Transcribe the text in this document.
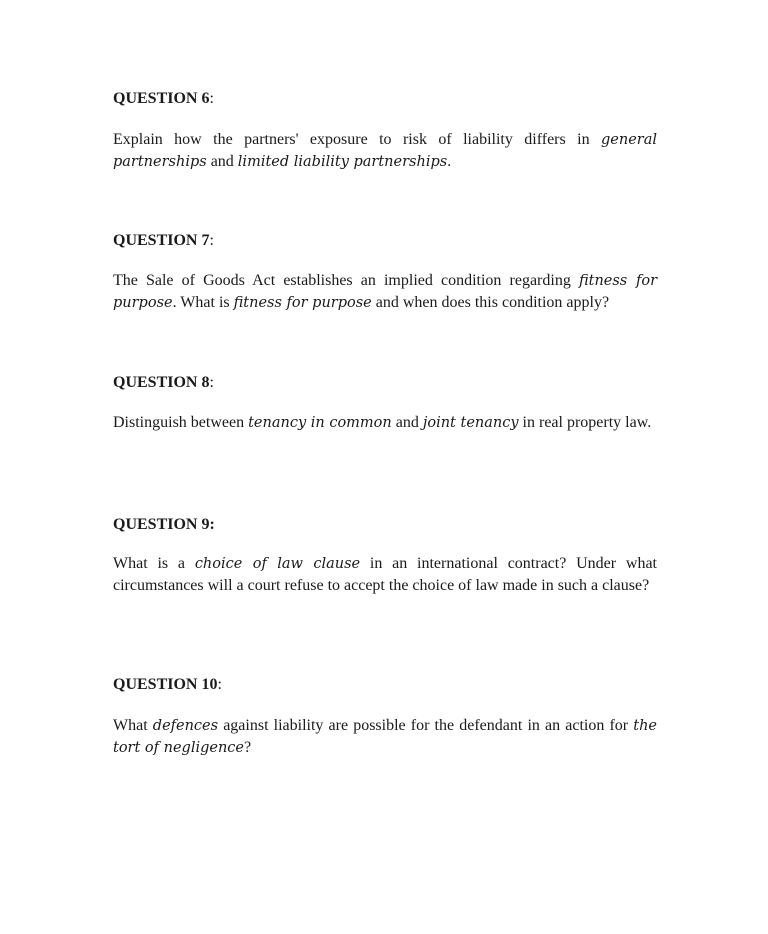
QUESTION 6:
Explain how the partners' exposure to risk of liability differs in general partnerships and limited liability partnerships.
QUESTION 7:
The Sale of Goods Act establishes an implied condition regarding fitness for purpose. What is fitness for purpose and when does this condition apply?
QUESTION 8:
Distinguish between tenancy in common and joint tenancy in real property law.
QUESTION 9:
What is a choice of law clause in an international contract? Under what circumstances will a court refuse to accept the choice of law made in such a clause?
QUESTION 10:
What defences against liability are possible for the defendant in an action for the tort of negligence?
